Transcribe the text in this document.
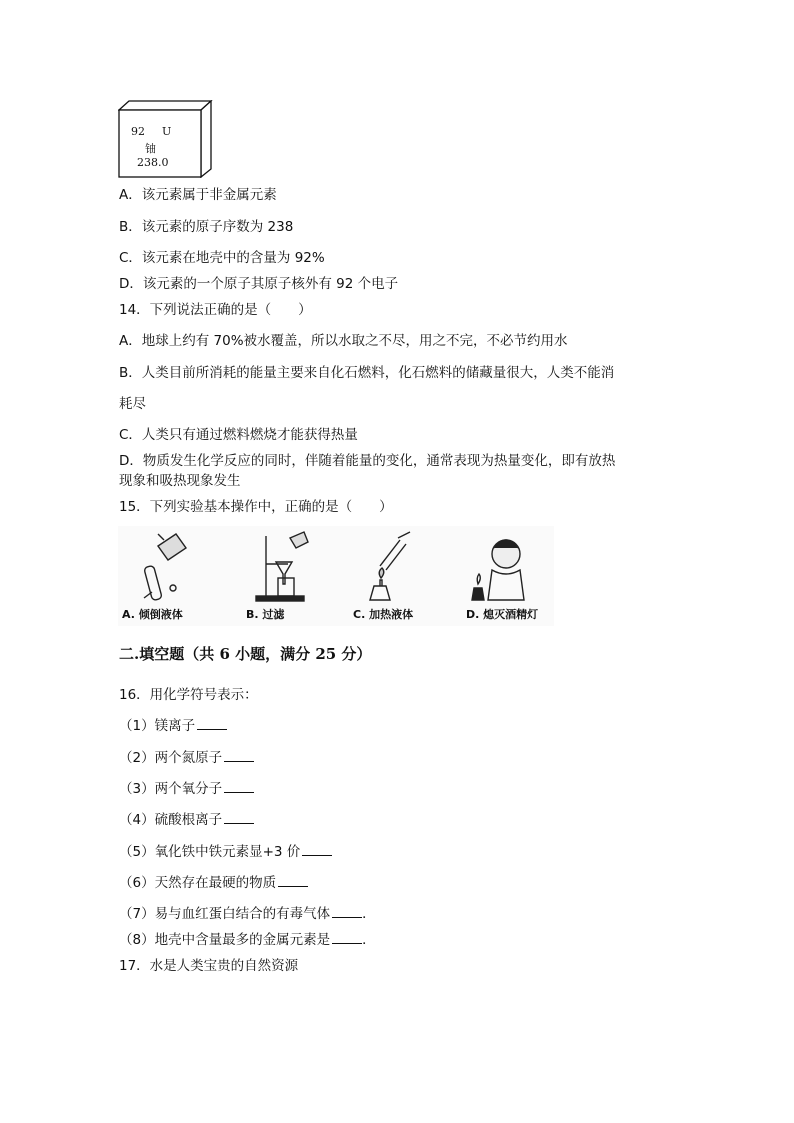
92 U
铀
238.0
A．该元素属于非金属元素
B．该元素的原子序数为 238
C．该元素在地壳中的含量为 92%
D．该元素的一个原子其原子核外有 92 个电子
14．下列说法正确的是（　　）
A．地球上约有 70%被水覆盖，所以水取之不尽，用之不完，不必节约用水
B．人类目前所消耗的能量主要来自化石燃料，化石燃料的储藏量很大，人类不能消
耗尽
C．人类只有通过燃料燃烧才能获得热量
D．物质发生化学反应的同时，伴随着能量的变化，通常表现为热量变化，即有放热
现象和吸热现象发生
15．下列实验基本操作中，正确的是（　　）
A. 倾倒液体	B. 过滤	C. 加热液体	D. 熄灭酒精灯
二.填空题（共 6 小题，满分 25 分）
16．用化学符号表示：
（1）镁离子
（2）两个氮原子
（3）两个氧分子
（4）硫酸根离子
（5）氧化铁中铁元素显+3 价
（6）天然存在最硬的物质
（7）易与血红蛋白结合的有毒气体 ．
（8）地壳中含量最多的金属元素是 ．
17．水是人类宝贵的自然资源
